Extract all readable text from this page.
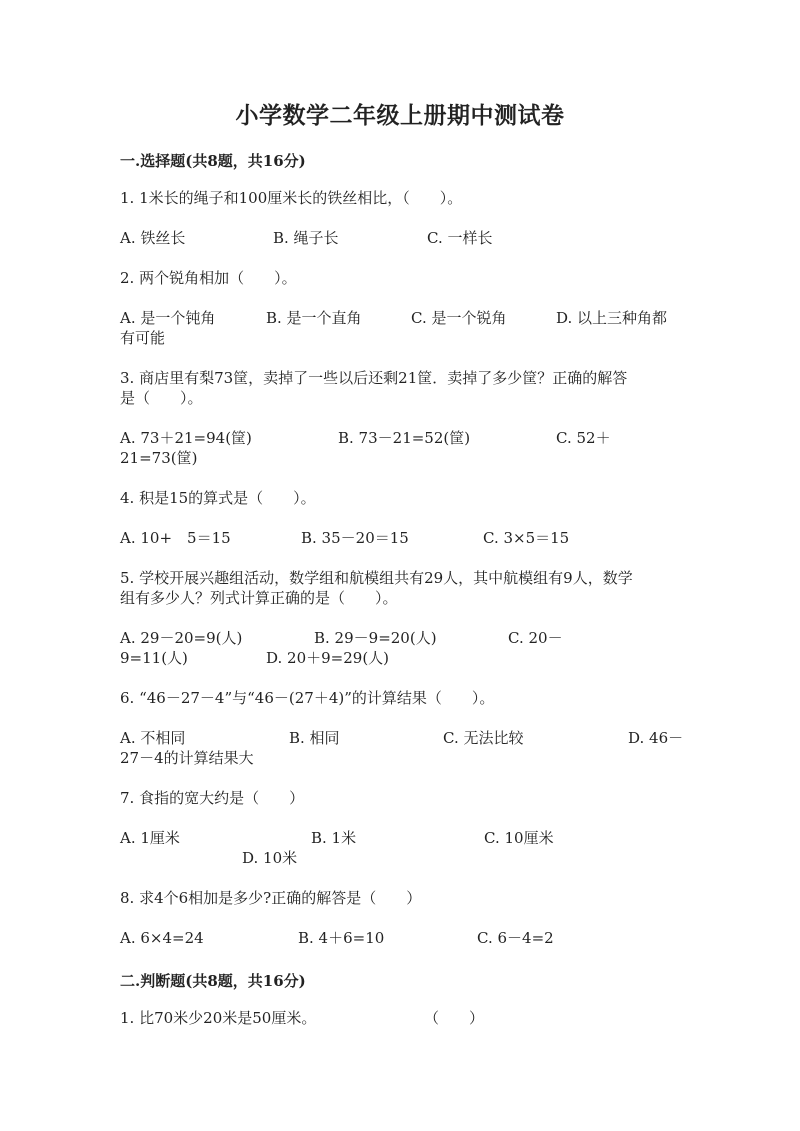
小学数学二年级上册期中测试卷
一.选择题(共8题，共16分)
1. 1米长的绳子和100厘米长的铁丝相比，（　　）。
A. 铁丝长	B. 绳子长	C. 一样长
2. 两个锐角相加（　　）。
A. 是一个钝角	B. 是一个直角	C. 是一个锐角	D. 以上三种角都
有可能
3. 商店里有梨73筐，卖掉了一些以后还剩21筐．卖掉了多少筐？正确的解答
是（　　）。
A. 73＋21=94(筐)	B. 73－21=52(筐)	C. 52＋
21=73(筐)
4. 积是15的算式是（　　）。
A. 10+　5＝15	B. 35－20＝15	C. 3×5＝15
5. 学校开展兴趣组活动，数学组和航模组共有29人，其中航模组有9人，数学
组有多少人？列式计算正确的是（　　）。
A. 29－20=9(人)	B. 29－9=20(人)	C. 20－
9=11(人)	D. 20＋9=29(人)
6. “46－27－4”与“46－(27＋4)”的计算结果（　　）。
A. 不相同	B. 相同	C. 无法比较	D. 46－
27－4的计算结果大
7. 食指的宽大约是（　　）
A. 1厘米	B. 1米	C. 10厘米
D. 10米
8. 求4个6相加是多少?正确的解答是（　　）
A. 6×4=24	B. 4＋6=10	C. 6－4=2
二.判断题(共8题，共16分)
1. 比70米少20米是50厘米。	（　　）
